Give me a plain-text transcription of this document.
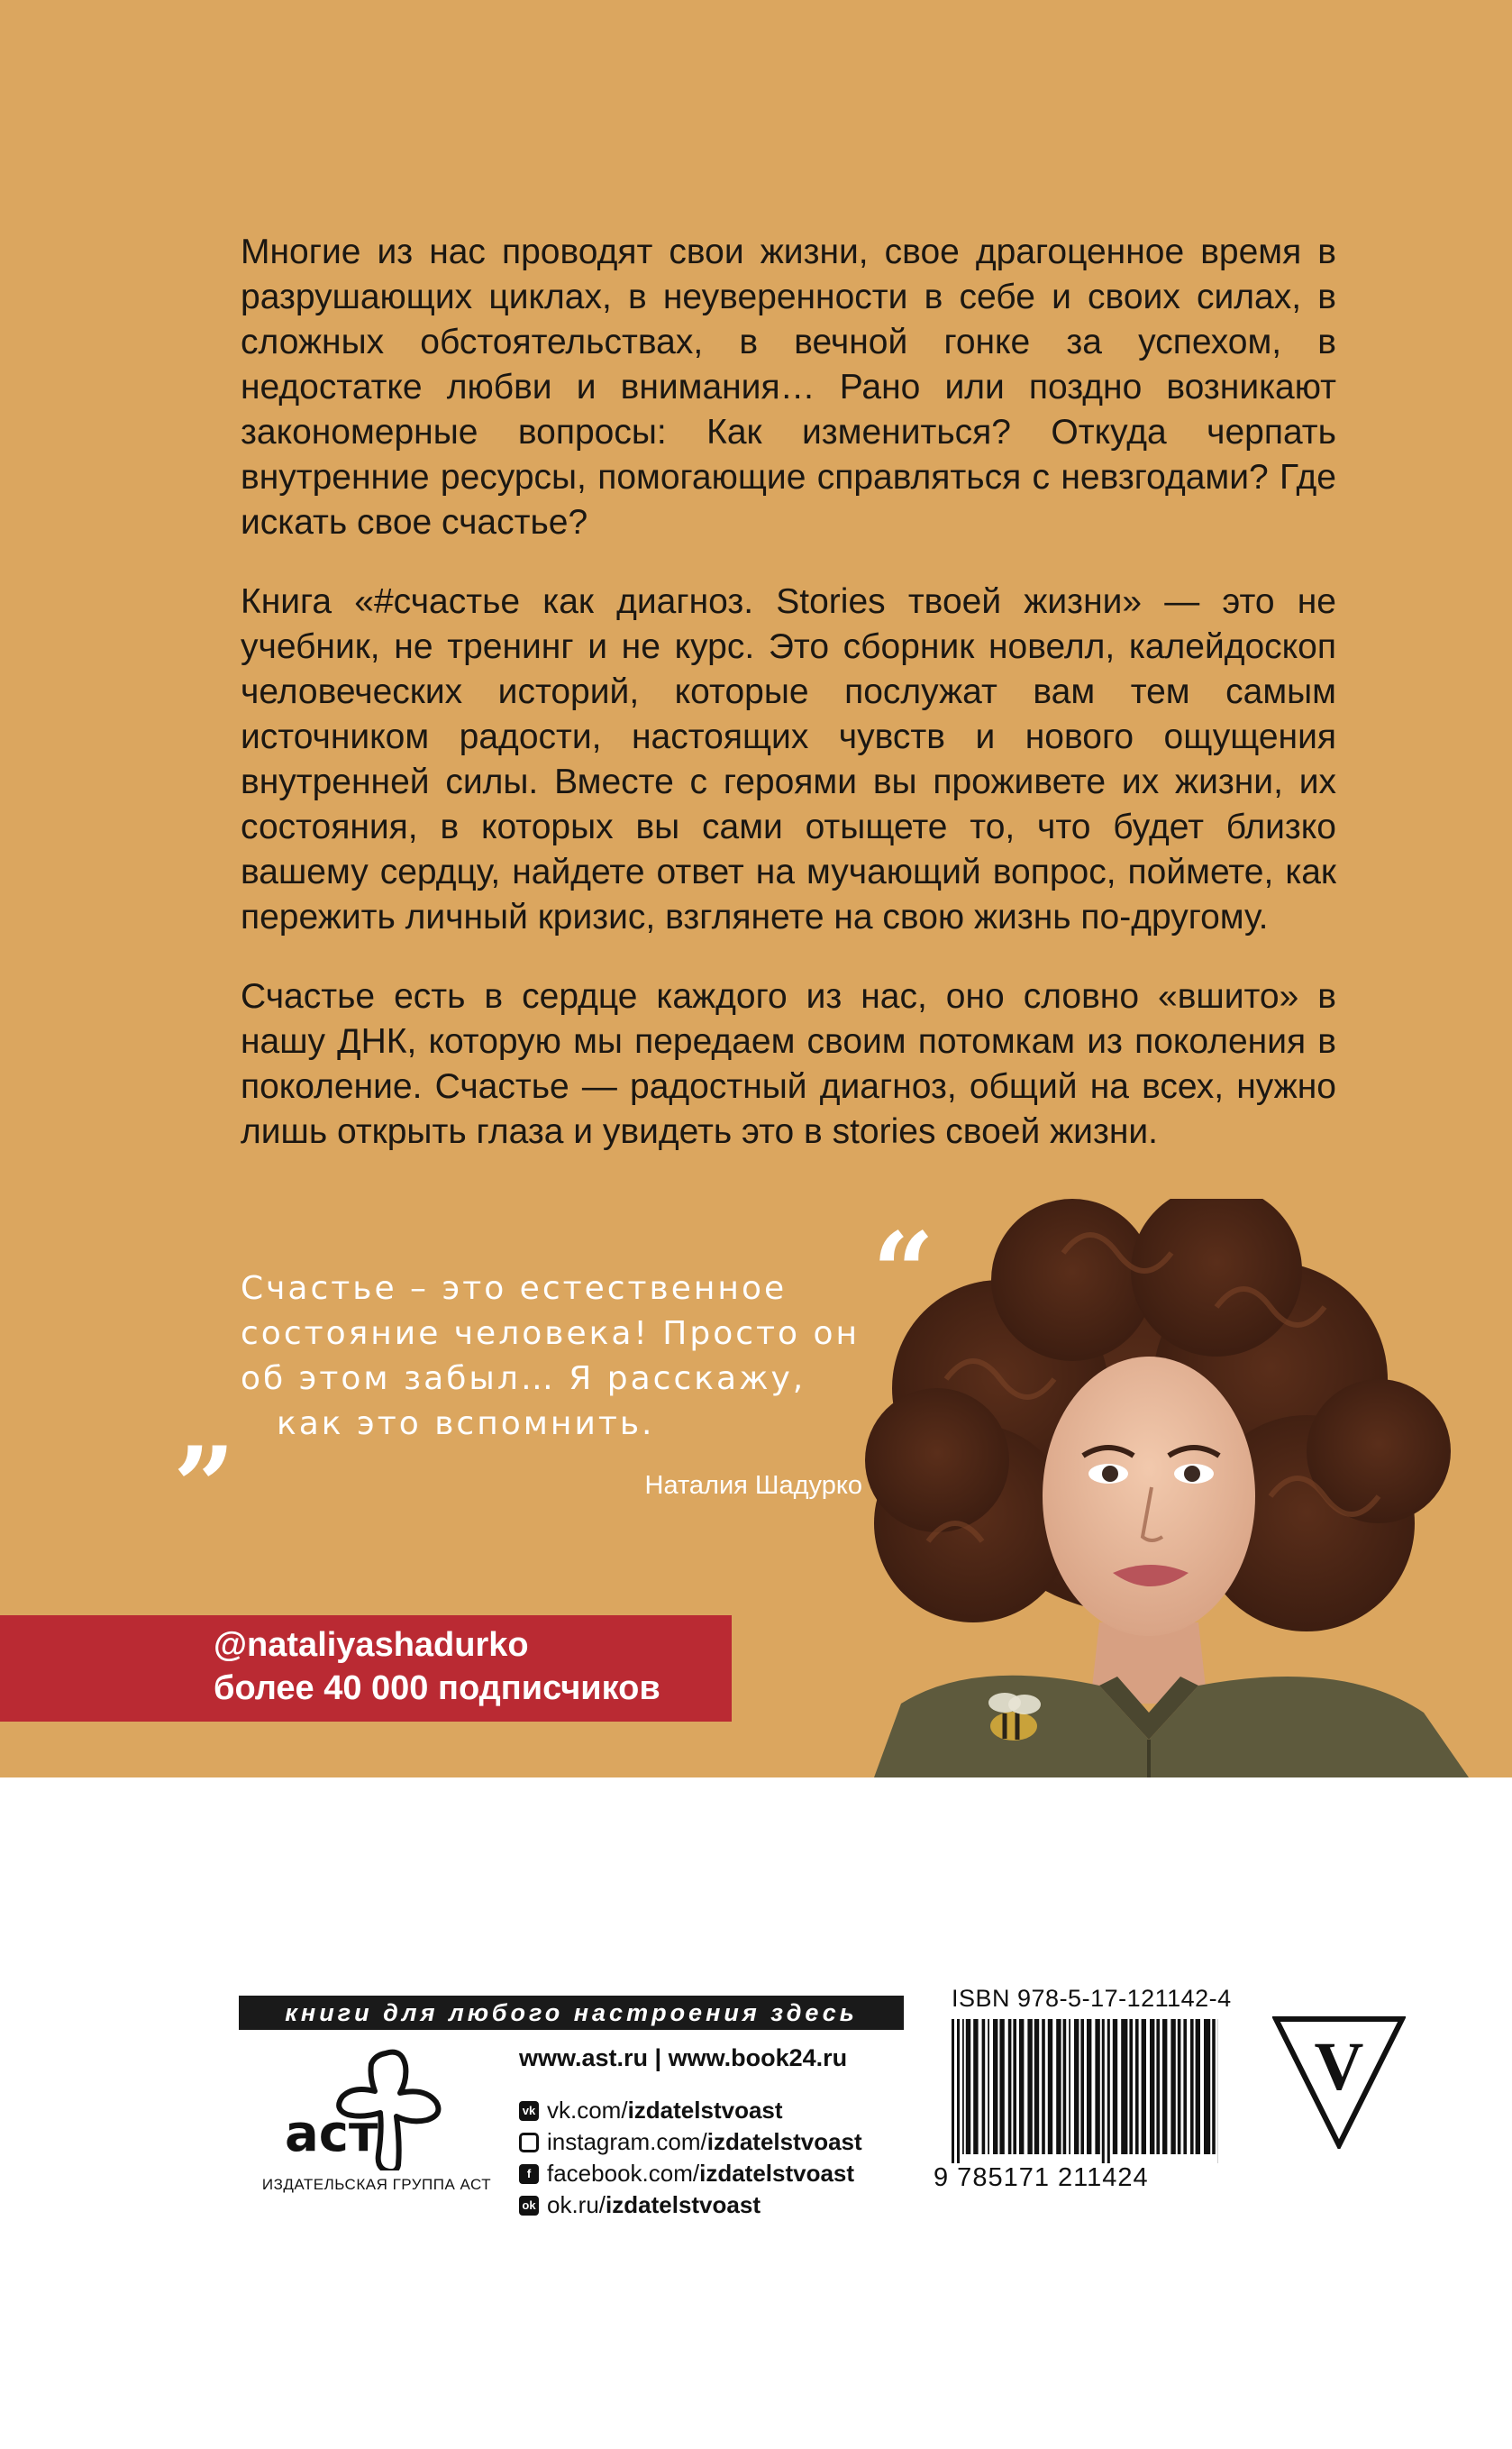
Многие из нас проводят свои жизни, свое драгоценное время в разрушающих циклах, в неуверенности в себе и своих силах, в сложных обстоятельствах, в вечной гонке за успехом, в недостатке любви и внимания… Рано или поздно возникают закономерные вопросы: Как измениться? Откуда черпать внутренние ресурсы, помогающие справляться с невзгодами? Где искать свое счастье?

Книга «#счастье как диагноз. Stories твоей жизни» — это не учебник, не тренинг и не курс. Это сборник новелл, калейдоскоп человеческих историй, которые послужат вам тем самым источником радости, настоящих чувств и нового ощущения внутренней силы. Вместе с героями вы проживете их жизни, их состояния, в которых вы сами отыщете то, что будет близко вашему сердцу, найдете ответ на мучающий вопрос, поймете, как пережить личный кризис, взглянете на свою жизнь по-другому.

Счастье есть в сердце каждого из нас, оно словно «вшито» в нашу ДНК, которую мы передаем своим потомкам из поколения в поколение. Счастье — радостный диагноз, общий на всех, нужно лишь открыть глаза и увидеть это в stories своей жизни.

“
Счастье – это естественное
состояние человека! Просто он
об этом забыл… Я расскажу,
как это вспомнить.
”	Наталия Шадурко
@nataliyashadurko
более 40 000 подписчиков
книги для любого настроения здесь
аст
ИЗДАТЕЛЬСКАЯ ГРУППА АСТ
www.ast.ru | www.book24.ru
vk vk.com/ izdatelstvoast
instagram.com/ izdatelstvoast
f facebook.com/ izdatelstvoast
ok ok.ru/ izdatelstvoast
ISBN 978-5-17-121142-4
9 785171 211424
V
